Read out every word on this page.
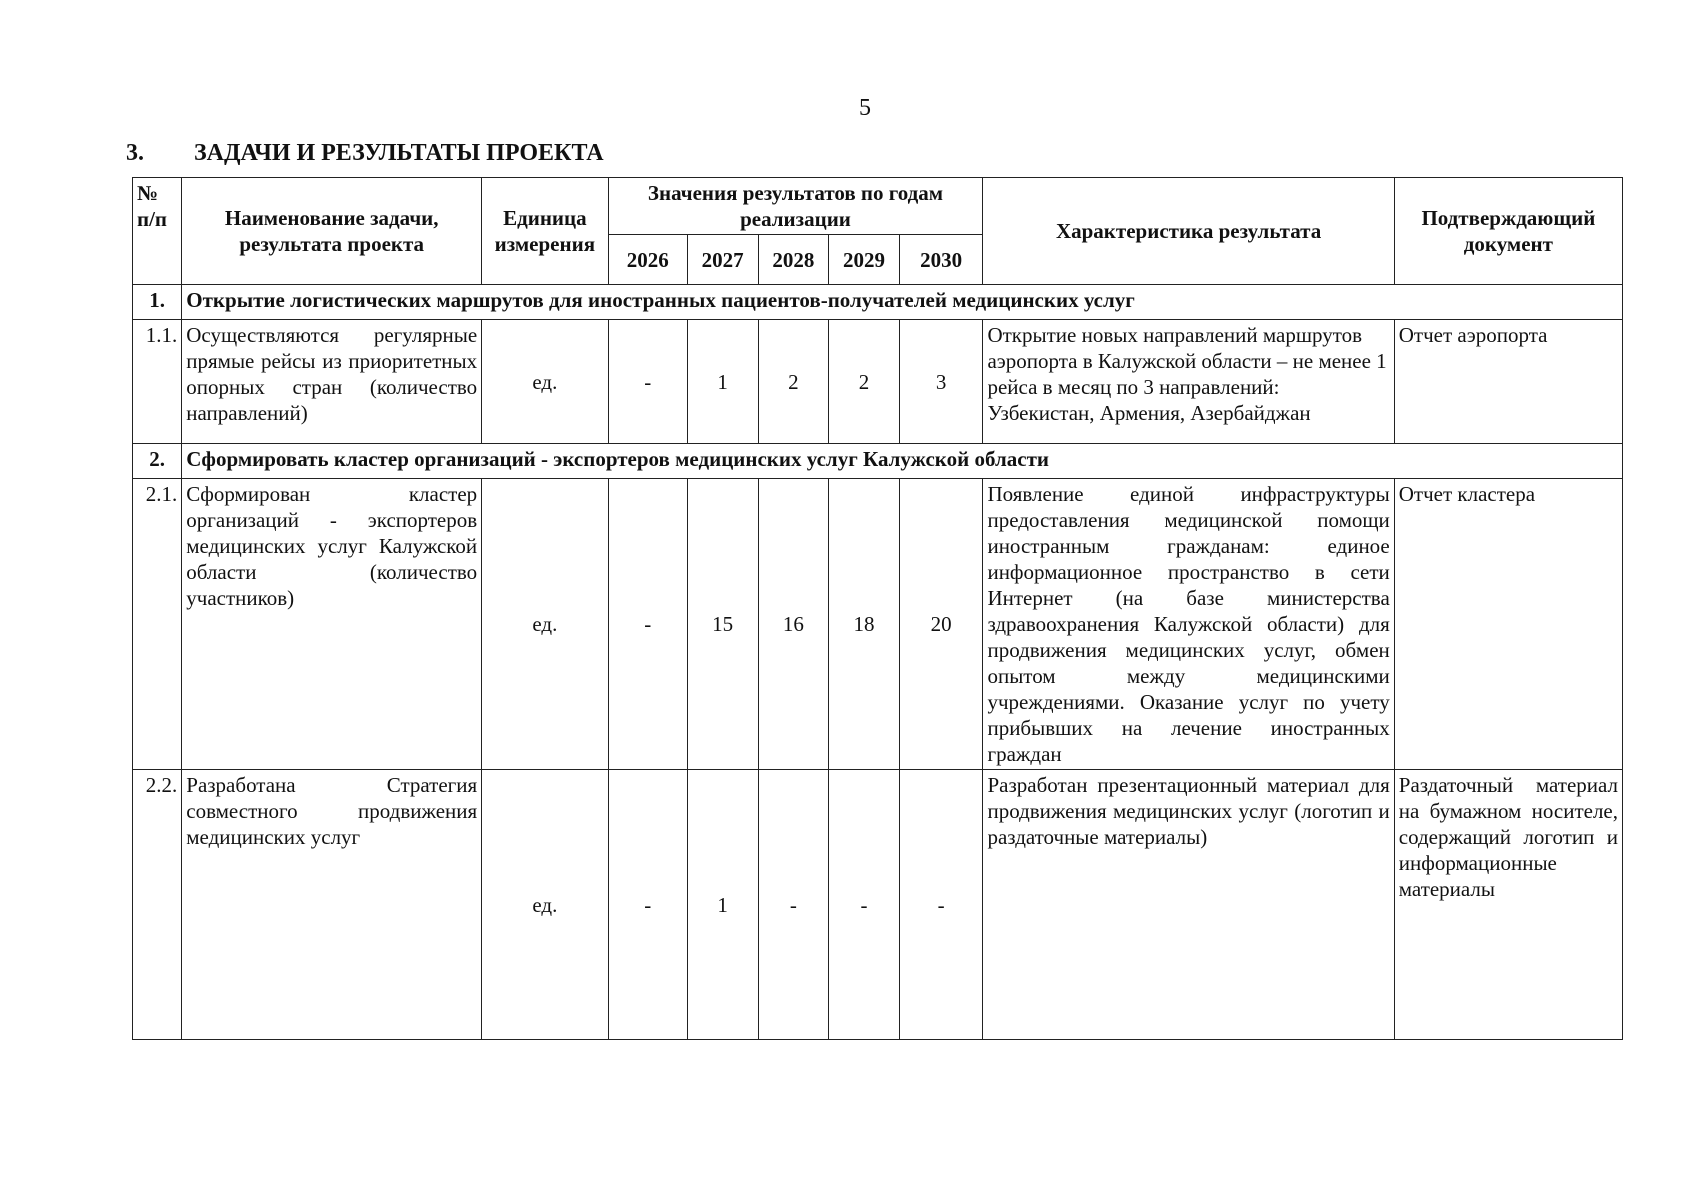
5
3. ЗАДАЧИ И РЕЗУЛЬТАТЫ ПРОЕКТА
№ п/п	Наименование задачи, результата проекта	Единица измерения	Значения результатов по годам реализации					Характеристика результата	Подтверждающий документ
			2026	2027	2028	2029	2030		
1.	Открытие логистических маршрутов для иностранных пациентов-получателей медицинских услуг								
1.1.	Осуществляются регулярные прямые рейсы из приоритетных опорных стран (количество направлений)	ед.	-	1	2	2	3	Открытие новых направлений маршрутов аэропорта в Калужской области – не менее 1 рейса в месяц по 3 направлений: Узбекистан, Армения, Азербайджан	Отчет аэропорта
2.	Сформировать кластер организаций - экспортеров медицинских услуг Калужской области								
2.1.	Сформирован кластер организаций - экспортеров медицинских услуг Калужской области (количество участников)	ед.	-	15	16	18	20	Появление единой инфраструктуры предоставления медицинской помощи иностранным гражданам: единое информационное пространство в сети Интернет (на базе министерства здравоохранения Калужской области) для продвижения медицинских услуг, обмен опытом между медицинскими учреждениями. Оказание услуг по учету прибывших на лечение иностранных граждан	Отчет кластера
2.2.	Разработана Стратегия совместного продвижения медицинских услуг	ед.	-	1	-	-	-	Разработан презентационный материал для продвижения медицинских услуг (логотип и раздаточные материалы)	Раздаточный материал на бумажном носителе, содержащий логотип и информационные материалы
